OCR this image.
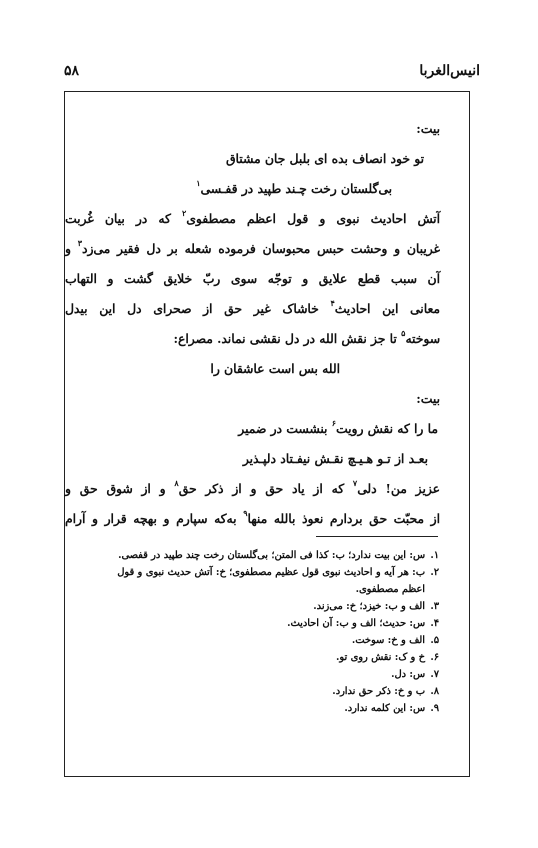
انیس‌الغربا
۵۸
بیت:
تو خود انصاف بده ای بلبل جان مشتاق
بی‌گلستان رخت چـند طپید در قفـسی$^۱$
آتش احادیث نبوی و قول اعظم مصطفوی$^۲$ که در بیان غُربت
غریبان و وحشت حبس محبوسان فرموده شعله بر دل فقیر می‌زد$^۳$ و
آن سبب قطع علایق و توجّه سوی ربّ خلایق گشت و التهاب
معانی این احادیث$^۴$ خاشاک غیر حق از صحرای دل این بیدل
سوخته$^۵$ تا جز نقش الله در دل نقشی نماند. مصراع:
الله بس است عاشقان را
بیت:
ما را که نقش رویت$^۶$ بنشست در ضمیر
بعـد از تـو هـیـچ نقـش نیفـتاد دلپـذیر
عزیز من! دلی$^۷$ که از یاد حق و از ذکر حق$^۸$ و از شوق حق و
از محبّت حق بردارم نعوذ بالله منها$^۹$ به‌که سپارم و بهچه قرار و آرام
۱.
س: این بیت ندارد؛ ب: کذا فی المتن؛ بی‌گلستان رخت چند طپید در قفصی.
۲.
ب: هر آیه و احادیث نبوی قول عظیم مصطفوی؛ خ: آتش حدیث نبوی و قول اعظم مصطفوی.
۳.
الف و ب: خیزد؛ خ: می‌زند.
۴.
س: حدیث؛ الف و ب: آن احادیث.
۵.
الف و خ: سوخت.
۶.
خ و ک: نقش روی تو.
۷.
س: دل.
۸.
ب و خ: ذکر حق ندارد.
۹.
س: این کلمه ندارد.
